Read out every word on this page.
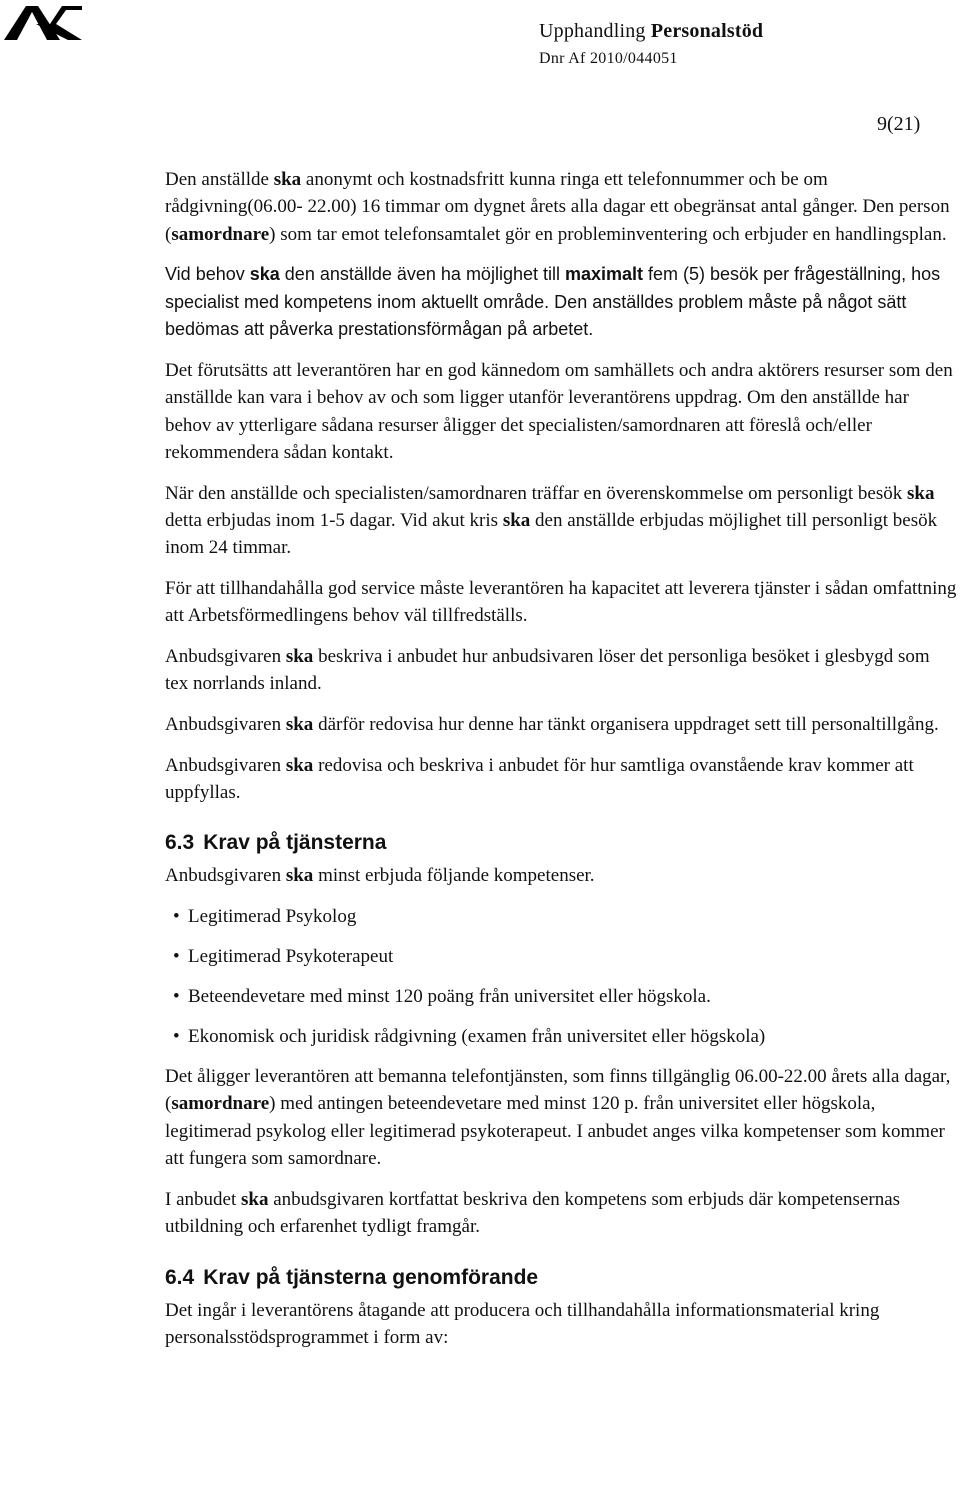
Upphandling Personalstöd
Dnr Af 2010/044051
9(21)

Den anställde ska anonymt och kostnadsfritt kunna ringa ett telefonnummer och be om rådgivning(06.00- 22.00) 16 timmar om dygnet årets alla dagar ett obegränsat antal gånger. Den person (samordnare) som tar emot telefonsamtalet gör en probleminventering och erbjuder en handlingsplan.

Vid behov ska den anställde även ha möjlighet till maximalt fem (5) besök per frågeställning, hos specialist med kompetens inom aktuellt område. Den anställdes problem måste på något sätt bedömas att påverka prestationsförmågan på arbetet.

Det förutsätts att leverantören har en god kännedom om samhällets och andra aktörers resurser som den anställde kan vara i behov av och som ligger utanför leverantörens uppdrag. Om den anställde har behov av ytterligare sådana resurser åligger det specialisten/samordnaren att föreslå och/eller rekommendera sådan kontakt.

När den anställde och specialisten/samordnaren träffar en överenskommelse om personligt besök ska detta erbjudas inom 1-5 dagar. Vid akut kris ska den anställde erbjudas möjlighet till personligt besök inom 24 timmar.

För att tillhandahålla god service måste leverantören ha kapacitet att leverera tjänster i sådan omfattning att Arbetsförmedlingens behov väl tillfredställs.

Anbudsgivaren ska beskriva i anbudet hur anbudsivaren löser det personliga besöket i glesbygd som tex norrlands inland.

Anbudsgivaren ska därför redovisa hur denne har tänkt organisera uppdraget sett till personaltillgång.

Anbudsgivaren ska redovisa och beskriva i anbudet för hur samtliga ovanstående krav kommer att uppfyllas.

6.3 Krav på tjänsterna

Anbudsgivaren ska minst erbjuda följande kompetenser.

• Legitimerad Psykolog
• Legitimerad Psykoterapeut
• Beteendevetare med minst 120 poäng från universitet eller högskola.
• Ekonomisk och juridisk rådgivning (examen från universitet eller högskola)

Det åligger leverantören att bemanna telefontjänsten, som finns tillgänglig 06.00-22.00 årets alla dagar, (samordnare) med antingen beteendevetare med minst 120 p. från universitet eller högskola, legitimerad psykolog eller legitimerad psykoterapeut. I anbudet anges vilka kompetenser som kommer att fungera som samordnare.

I anbudet ska anbudsgivaren kortfattat beskriva den kompetens som erbjuds där kompetensernas utbildning och erfarenhet tydligt framgår.

6.4 Krav på tjänsterna genomförande

Det ingår i leverantörens åtagande att producera och tillhandahålla informationsmaterial kring personalsstödsprogrammet i form av:
